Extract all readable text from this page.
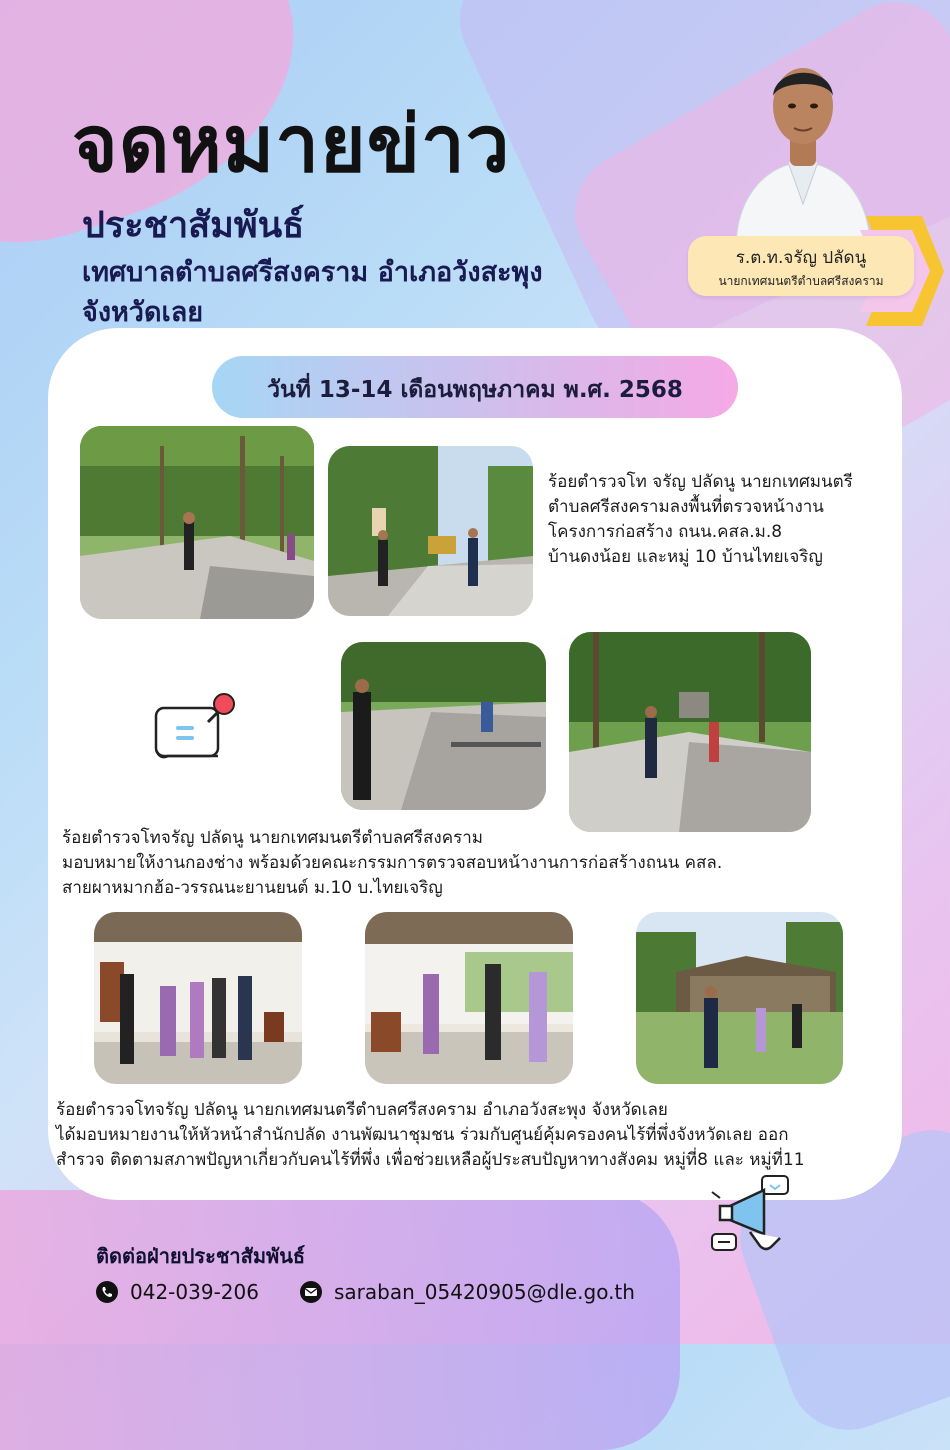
จดหมายข่าว
ประชาสัมพันธ์
เทศบาลตำบลศรีสงคราม อำเภอวังสะพุง
จังหวัดเลย
ร.ต.ท.จรัญ ปลัดนู
นายกเทศมนตรีตำบลศรีสงคราม
วันที่ 13-14 เดือนพฤษภาคม พ.ศ. 2568
ร้อยตำรวจโท จรัญ ปลัดนู นายกเทศมนตรี
ตำบลศรีสงครามลงพื้นที่ตรวจหน้างาน
โครงการก่อสร้าง ถนน.คสล.ม.8
บ้านดงน้อย และหมู่ 10 บ้านไทยเจริญ
ร้อยตำรวจโทจรัญ ปลัดนู นายกเทศมนตรีตำบลศรีสงคราม
มอบหมายให้งานกองช่าง พร้อมด้วยคณะกรรมการตรวจสอบหน้างานการก่อสร้างถนน คสล.
สายผาหมากฮ้อ-วรรณนะยานยนต์ ม.10 บ.ไทยเจริญ
ร้อยตำรวจโทจรัญ ปลัดนู นายกเทศมนตรีตำบลศรีสงคราม อำเภอวังสะพุง จังหวัดเลย
ได้มอบหมายงานให้หัวหน้าสำนักปลัด งานพัฒนาชุมชน ร่วมกับศูนย์คุ้มครองคนไร้ที่พึ่งจังหวัดเลย ออก
สำรวจ ติดตามสภาพปัญหาเกี่ยวกับคนไร้ที่พึ่ง เพื่อช่วยเหลือผู้ประสบปัญหาทางสังคม หมู่ที่8 และ หมู่ที่11
ติดต่อฝ่ายประชาสัมพันธ์
042-039-206	saraban_05420905@dle.go.th
